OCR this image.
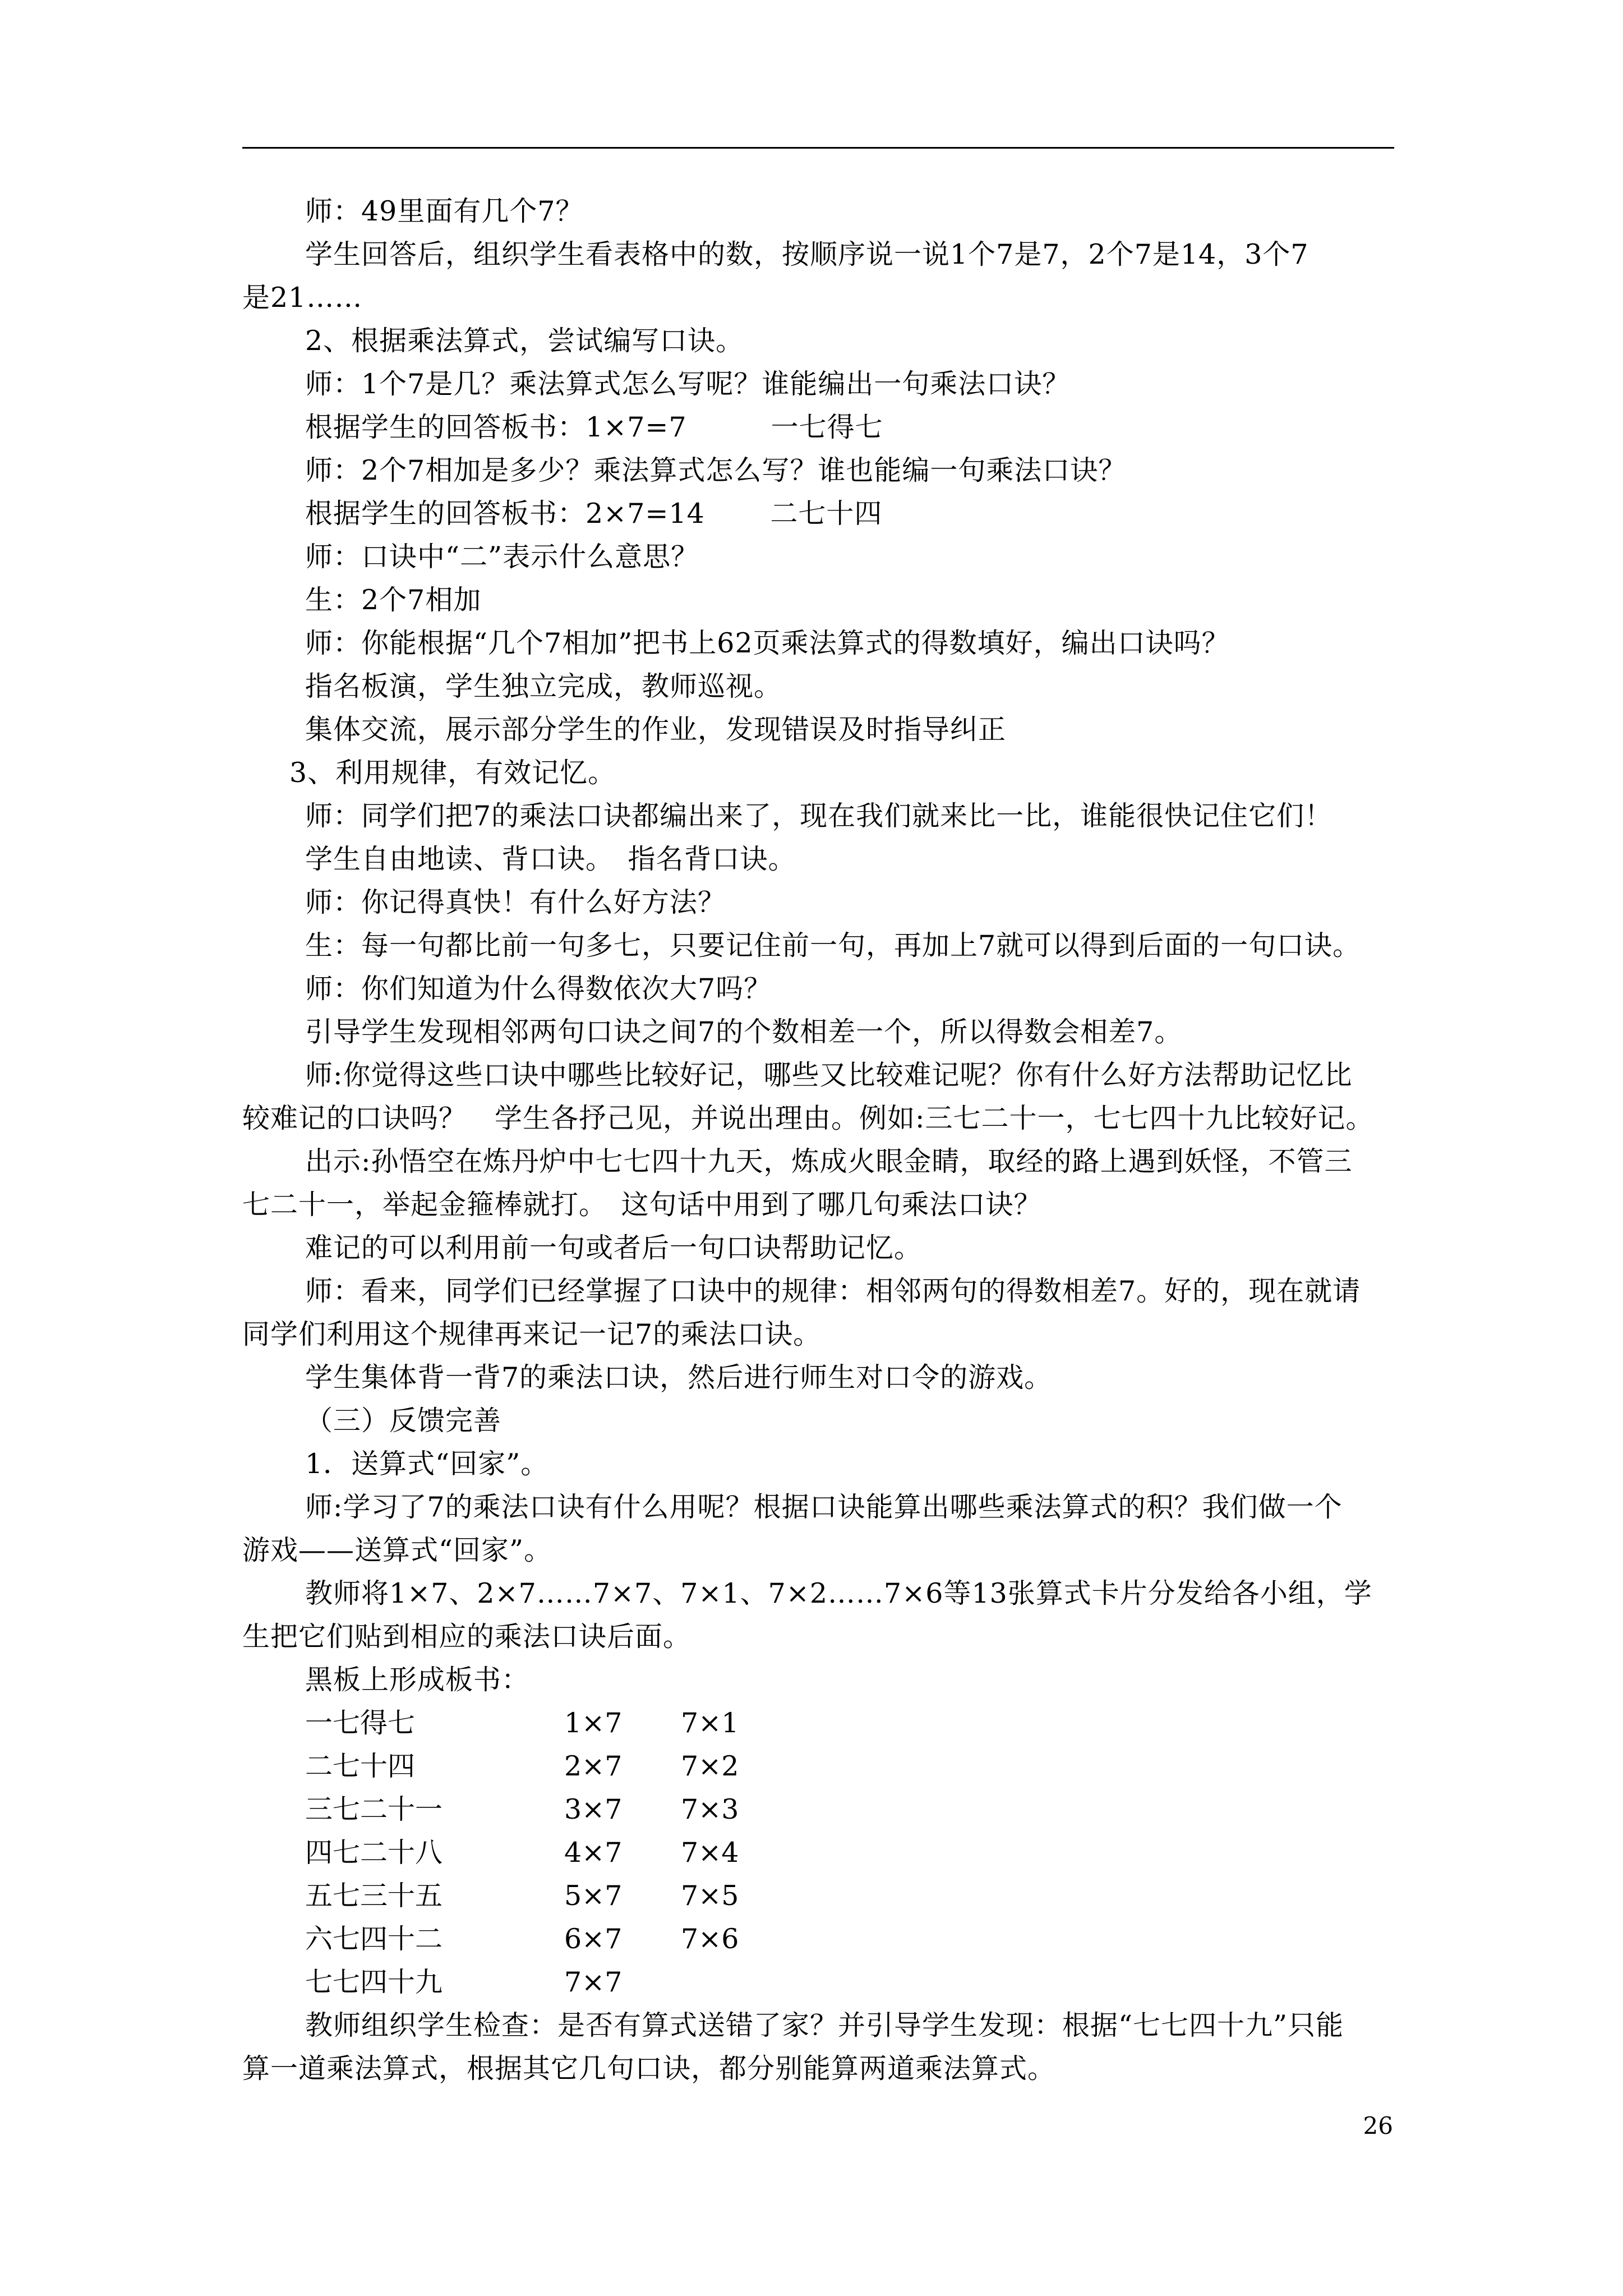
师：49里面有几个7？
学生回答后，组织学生看表格中的数，按顺序说一说1个7是7，2个7是14，3个7
是21……
2、根据乘法算式，尝试编写口诀。
师：1个7是几？乘法算式怎么写呢？谁能编出一句乘法口诀？
根据学生的回答板书：1×7=7　　　一七得七
师：2个7相加是多少？乘法算式怎么写？谁也能编一句乘法口诀？
根据学生的回答板书：2×7=14　　 二七十四
师：口诀中“二”表示什么意思？
生：2个7相加
师：你能根据“几个7相加”把书上62页乘法算式的得数填好，编出口诀吗？
指名板演，学生独立完成，教师巡视。
集体交流，展示部分学生的作业，发现错误及时指导纠正
3、利用规律，有效记忆。
师：同学们把7的乘法口诀都编出来了，现在我们就来比一比，谁能很快记住它们！
学生自由地读、背口诀。　指名背口诀。
师：你记得真快！有什么好方法？
生：每一句都比前一句多七，只要记住前一句，再加上7就可以得到后面的一句口诀。
师：你们知道为什么得数依次大7吗？
引导学生发现相邻两句口诀之间7的个数相差一个，所以得数会相差7。
师:你觉得这些口诀中哪些比较好记，哪些又比较难记呢？你有什么好方法帮助记忆比
较难记的口诀吗？　学生各抒己见，并说出理由。例如:三七二十一，七七四十九比较好记。
出示:孙悟空在炼丹炉中七七四十九天，炼成火眼金睛，取经的路上遇到妖怪，不管三
七二十一，举起金箍棒就打。　这句话中用到了哪几句乘法口诀？
难记的可以利用前一句或者后一句口诀帮助记忆。
师：看来，同学们已经掌握了口诀中的规律：相邻两句的得数相差7。好的，现在就请
同学们利用这个规律再来记一记7的乘法口诀。
学生集体背一背7的乘法口诀，然后进行师生对口令的游戏。
（三）反馈完善
1．送算式“回家”。
师:学习了7的乘法口诀有什么用呢？根据口诀能算出哪些乘法算式的积？我们做一个
游戏——送算式“回家”。
教师将1×7、2×7……7×7、7×1、7×2……7×6等13张算式卡片分发给各小组，学
生把它们贴到相应的乘法口诀后面。
黑板上形成板书：
一七得七	1×7 7×1
二七十四	2×7 7×2
三七二十一	3×7 7×3
四七二十八	4×7 7×4
五七三十五	5×7 7×5
六七四十二	6×7 7×6
七七四十九	7×7
教师组织学生检查：是否有算式送错了家？并引导学生发现：根据“七七四十九”只能
算一道乘法算式，根据其它几句口诀，都分别能算两道乘法算式。
26
